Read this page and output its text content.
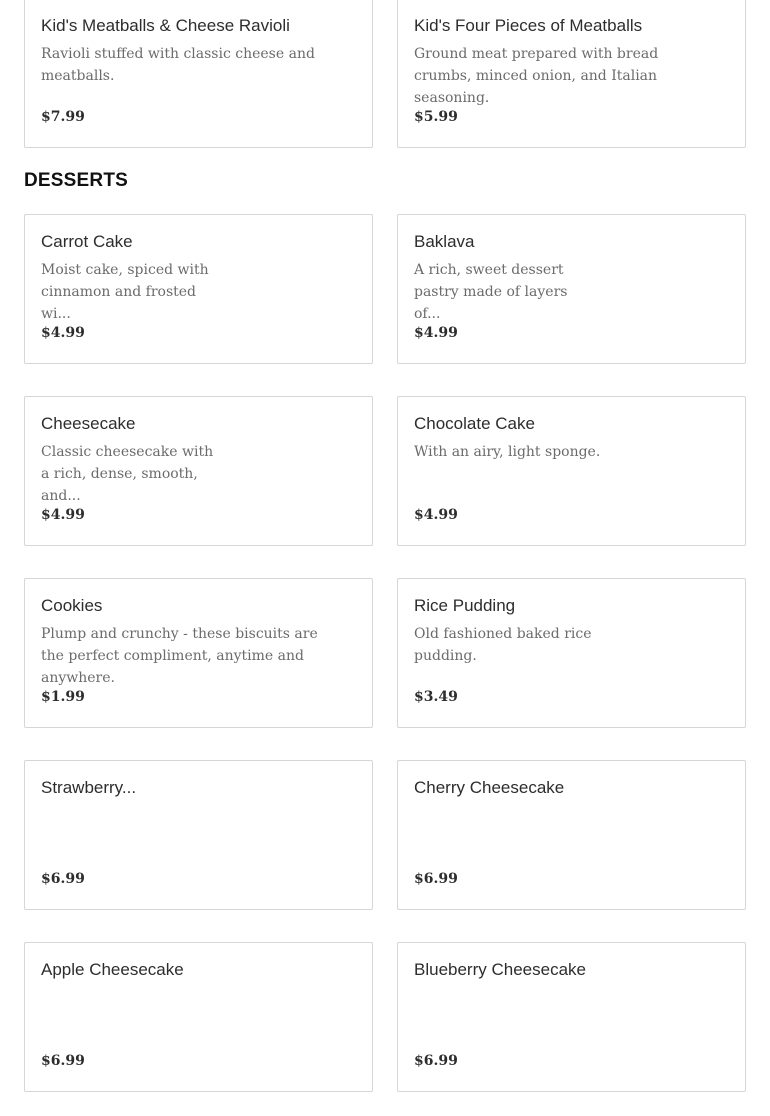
Kid's Meatballs & Cheese Ravioli
Ravioli stuffed with classic cheese and meatballs.
$7.99
Kid's Four Pieces of Meatballs
Ground meat prepared with bread crumbs, minced onion, and Italian seasoning.
$5.99
DESSERTS
Carrot Cake
Moist cake, spiced with cinnamon and frosted wi...
$4.99
Baklava
A rich, sweet dessert pastry made of layers of...
$4.99
Cheesecake
Classic cheesecake with a rich, dense, smooth, and...
$4.99
Chocolate Cake
With an airy, light sponge.
$4.99
Cookies
Plump and crunchy - these biscuits are the perfect compliment, anytime and anywhere.
$1.99
Rice Pudding
Old fashioned baked rice pudding.
$3.49
Strawberry...
$6.99
Cherry Cheesecake
$6.99
Apple Cheesecake
$6.99
Blueberry Cheesecake
$6.99
